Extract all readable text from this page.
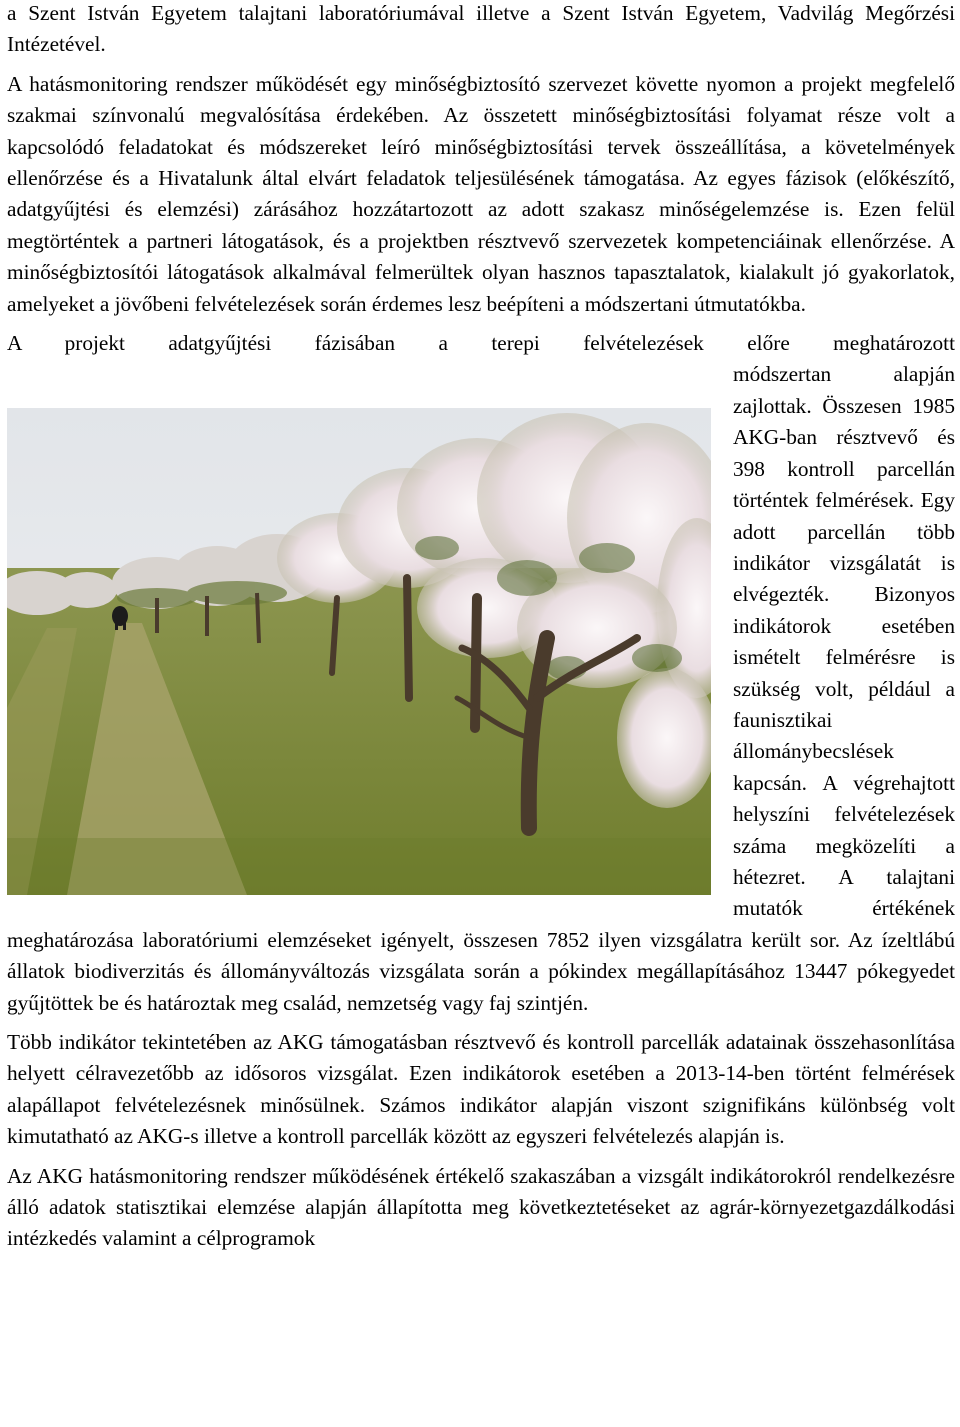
a Szent István Egyetem talajtani laboratóriumával illetve a Szent István Egyetem, Vadvilág Megőrzési Intézetével.

A hatásmonitoring rendszer működését egy minőségbiztosító szervezet követte nyomon a projekt megfelelő szakmai színvonalú megvalósítása érdekében. Az összetett minőségbiztosítási folyamat része volt a kapcsolódó feladatokat és módszereket leíró minőségbiztosítási tervek összeállítása, a követelmények ellenőrzése és a Hivatalunk által elvárt feladatok teljesülésének támogatása. Az egyes fázisok (előkészítő, adatgyűjtési és elemzési) zárásához hozzátartozott az adott szakasz minőségelemzése is. Ezen felül megtörténtek a partneri látogatások, és a projektben résztvevő szervezetek kompetenciáinak ellenőrzése. A minőségbiztosítói látogatások alkalmával felmerültek olyan hasznos tapasztalatok, kialakult jó gyakorlatok, amelyeket a jövőbeni felvételezések során érdemes lesz beépíteni a módszertani útmutatókba.

A projekt adatgyűjtési fázisában a terepi felvételezések előre meghatározott

módszertan alapján zajlottak. Összesen 1985 AKG-ban résztvevő és 398 kontroll parcellán történtek felmérések. Egy adott parcellán több indikátor vizsgálatát is elvégezték. Bizonyos indikátorok esetében ismételt felmérésre is szükség volt, például a faunisztikai állománybecslések kapcsán. A végrehajtott helyszíni felvételezések száma megközelíti a hétezret. A talajtani mutatók értékének meghatározása laboratóriumi elemzéseket igényelt, összesen 7852 ilyen vizsgálatra került sor. Az ízeltlábú állatok biodiverzitás és állományváltozás vizsgálata során a pókindex megállapításához 13447 pókegyedet gyűjtöttek be és határoztak meg család, nemzetség vagy faj szintjén.

Több indikátor tekintetében az AKG támogatásban résztvevő és kontroll parcellák adatainak összehasonlítása helyett célravezetőbb az idősoros vizsgálat. Ezen indikátorok esetében a 2013-14-ben történt felmérések alapállapot felvételezésnek minősülnek. Számos indikátor alapján viszont szignifikáns különbség volt kimutatható az AKG-s illetve a kontroll parcellák között az egyszeri felvételezés alapján is.

Az AKG hatásmonitoring rendszer működésének értékelő szakaszában a vizsgált indikátorokról rendelkezésre álló adatok statisztikai elemzése alapján állapította meg következtetéseket az agrár-környezetgazdálkodási intézkedés valamint a célprogramok
